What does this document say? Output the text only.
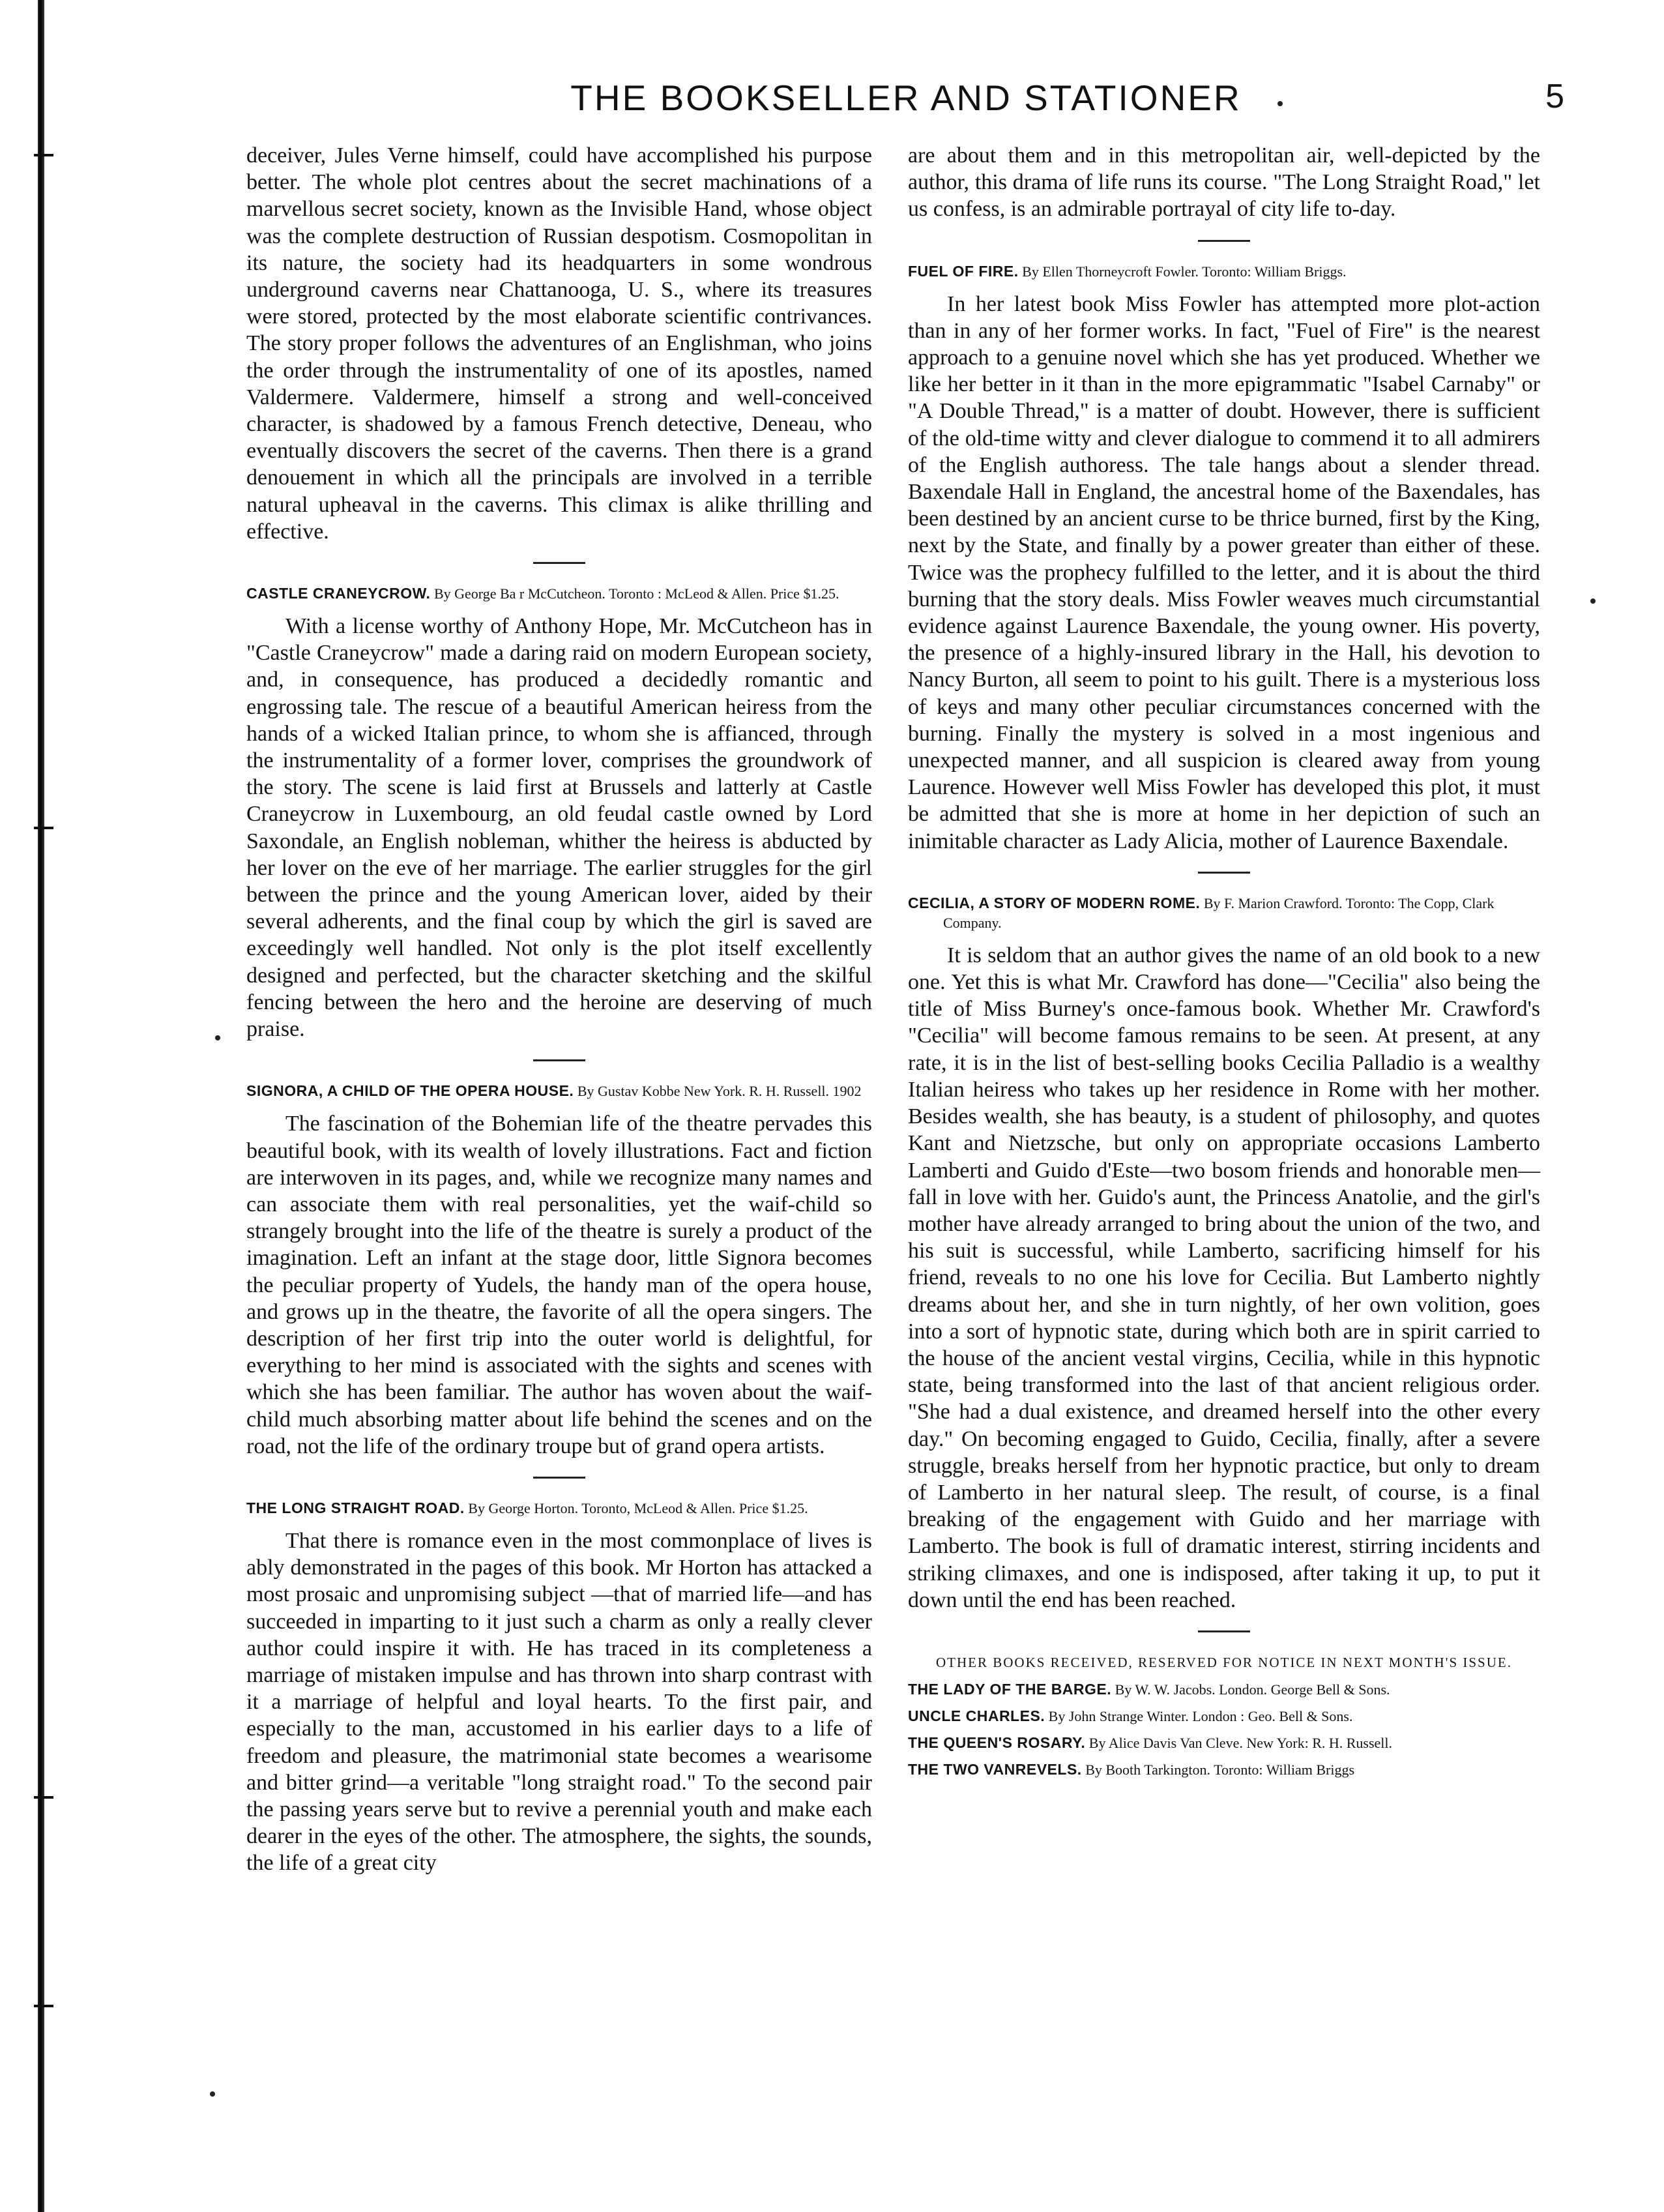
THE BOOKSELLER AND STATIONER	5

deceiver, Jules Verne himself, could have accomplished his purpose better. The whole plot centres about the secret machinations of a marvellous secret society, known as the Invisible Hand, whose object was the complete destruction of Russian despotism. Cosmopolitan in its nature, the society had its headquarters in some wondrous underground caverns near Chattanooga, U. S., where its treasures were stored, protected by the most elaborate scientific contrivances. The story proper follows the adventures of an Englishman, who joins the order through the instrumentality of one of its apostles, named Valdermere. Valdermere, himself a strong and well-conceived character, is shadowed by a famous French detective, Deneau, who eventually discovers the secret of the caverns. Then there is a grand denouement in which all the principals are involved in a terrible natural upheaval in the caverns. This climax is alike thrilling and effective.

CASTLE CRANEYCROW. By George Ba r McCutcheon. Toronto : McLeod & Allen. Price $1.25.

With a license worthy of Anthony Hope, Mr. McCutcheon has in "Castle Craneycrow" made a daring raid on modern European society, and, in consequence, has produced a decidedly romantic and engrossing tale. The rescue of a beautiful American heiress from the hands of a wicked Italian prince, to whom she is affianced, through the instrumentality of a former lover, comprises the groundwork of the story. The scene is laid first at Brussels and latterly at Castle Craneycrow in Luxembourg, an old feudal castle owned by Lord Saxondale, an English nobleman, whither the heiress is abducted by her lover on the eve of her marriage. The earlier struggles for the girl between the prince and the young American lover, aided by their several adherents, and the final coup by which the girl is saved are exceedingly well handled. Not only is the plot itself excellently designed and perfected, but the character sketching and the skilful fencing between the hero and the heroine are deserving of much praise.

SIGNORA, A CHILD OF THE OPERA HOUSE. By Gustav Kobbe New York. R. H. Russell. 1902

The fascination of the Bohemian life of the theatre pervades this beautiful book, with its wealth of lovely illustrations. Fact and fiction are interwoven in its pages, and, while we recognize many names and can associate them with real personalities, yet the waif-child so strangely brought into the life of the theatre is surely a product of the imagination. Left an infant at the stage door, little Signora becomes the peculiar property of Yudels, the handy man of the opera house, and grows up in the theatre, the favorite of all the opera singers. The description of her first trip into the outer world is delightful, for everything to her mind is associated with the sights and scenes with which she has been familiar. The author has woven about the waif-child much absorbing matter about life behind the scenes and on the road, not the life of the ordinary troupe but of grand opera artists.

THE LONG STRAIGHT ROAD. By George Horton. Toronto, McLeod & Allen. Price $1.25.

That there is romance even in the most commonplace of lives is ably demonstrated in the pages of this book. Mr Horton has attacked a most prosaic and unpromising subject —that of married life—and has succeeded in imparting to it just such a charm as only a really clever author could inspire it with. He has traced in its completeness a marriage of mistaken impulse and has thrown into sharp contrast with it a marriage of helpful and loyal hearts. To the first pair, and especially to the man, accustomed in his earlier days to a life of freedom and pleasure, the matrimonial state becomes a wearisome and bitter grind—a veritable "long straight road." To the second pair the passing years serve but to revive a perennial youth and make each dearer in the eyes of the other. The atmosphere, the sights, the sounds, the life of a great city

are about them and in this metropolitan air, well-depicted by the author, this drama of life runs its course. "The Long Straight Road," let us confess, is an admirable portrayal of city life to-day.

FUEL OF FIRE. By Ellen Thorneycroft Fowler. Toronto: William Briggs.

In her latest book Miss Fowler has attempted more plot-action than in any of her former works. In fact, "Fuel of Fire" is the nearest approach to a genuine novel which she has yet produced. Whether we like her better in it than in the more epigrammatic "Isabel Carnaby" or "A Double Thread," is a matter of doubt. However, there is sufficient of the old-time witty and clever dialogue to commend it to all admirers of the English authoress. The tale hangs about a slender thread. Baxendale Hall in England, the ancestral home of the Baxendales, has been destined by an ancient curse to be thrice burned, first by the King, next by the State, and finally by a power greater than either of these. Twice was the prophecy fulfilled to the letter, and it is about the third burning that the story deals. Miss Fowler weaves much circumstantial evidence against Laurence Baxendale, the young owner. His poverty, the presence of a highly-insured library in the Hall, his devotion to Nancy Burton, all seem to point to his guilt. There is a mysterious loss of keys and many other peculiar circumstances concerned with the burning. Finally the mystery is solved in a most ingenious and unexpected manner, and all suspicion is cleared away from young Laurence. However well Miss Fowler has developed this plot, it must be admitted that she is more at home in her depiction of such an inimitable character as Lady Alicia, mother of Laurence Baxendale.

CECILIA, A STORY OF MODERN ROME. By F. Marion Crawford. Toronto: The Copp, Clark Company.

It is seldom that an author gives the name of an old book to a new one. Yet this is what Mr. Crawford has done—"Cecilia" also being the title of Miss Burney's once-famous book. Whether Mr. Crawford's "Cecilia" will become famous remains to be seen. At present, at any rate, it is in the list of best-selling books Cecilia Palladio is a wealthy Italian heiress who takes up her residence in Rome with her mother. Besides wealth, she has beauty, is a student of philosophy, and quotes Kant and Nietzsche, but only on appropriate occasions Lamberto Lamberti and Guido d'Este—two bosom friends and honorable men—fall in love with her. Guido's aunt, the Princess Anatolie, and the girl's mother have already arranged to bring about the union of the two, and his suit is successful, while Lamberto, sacrificing himself for his friend, reveals to no one his love for Cecilia. But Lamberto nightly dreams about her, and she in turn nightly, of her own volition, goes into a sort of hypnotic state, during which both are in spirit carried to the house of the ancient vestal virgins, Cecilia, while in this hypnotic state, being transformed into the last of that ancient religious order. "She had a dual existence, and dreamed herself into the other every day." On becoming engaged to Guido, Cecilia, finally, after a severe struggle, breaks herself from her hypnotic practice, but only to dream of Lamberto in her natural sleep. The result, of course, is a final breaking of the engagement with Guido and her marriage with Lamberto. The book is full of dramatic interest, stirring incidents and striking climaxes, and one is indisposed, after taking it up, to put it down until the end has been reached.

OTHER BOOKS RECEIVED, RESERVED FOR NOTICE IN NEXT MONTH'S ISSUE.
THE LADY OF THE BARGE. By W. W. Jacobs. London. George Bell & Sons.
UNCLE CHARLES. By John Strange Winter. London : Geo. Bell & Sons.
THE QUEEN'S ROSARY. By Alice Davis Van Cleve. New York: R. H. Russell.
THE TWO VANREVELS. By Booth Tarkington. Toronto: William Briggs
